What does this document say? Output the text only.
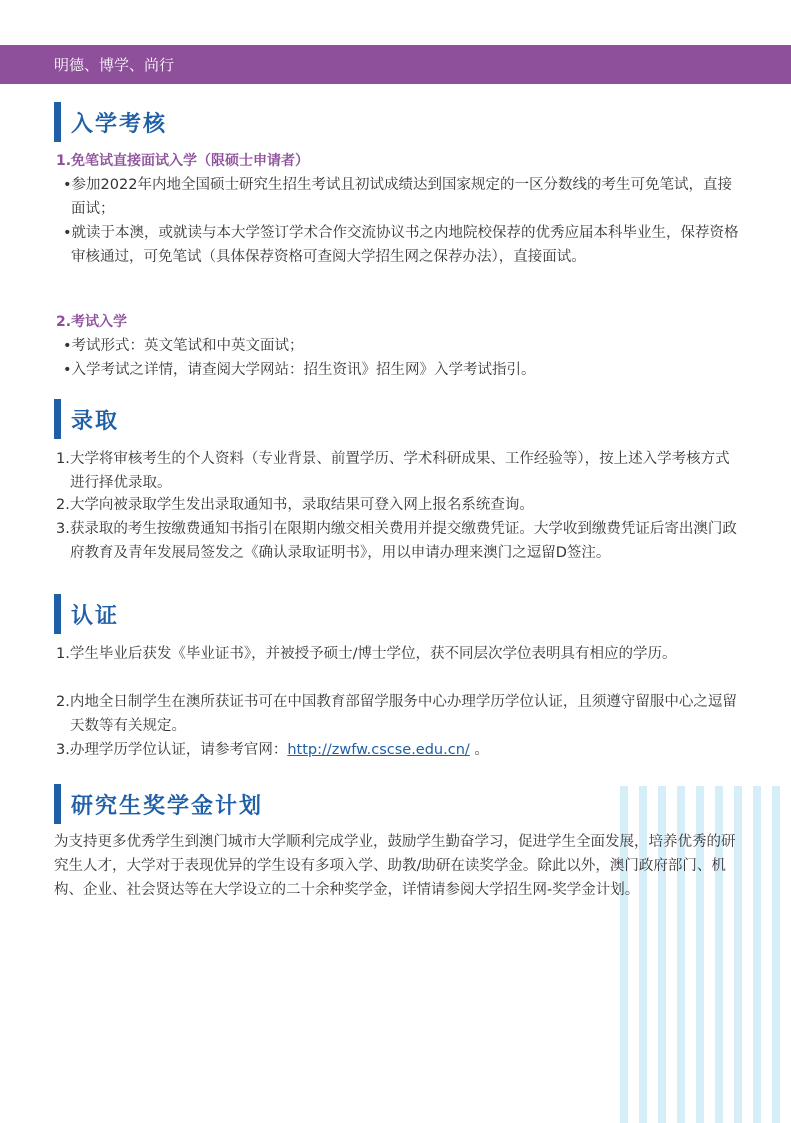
明德、博学、尚行
入学考核
1.免笔试直接面试入学（限硕士申请者）
•参加2022年内地全国硕士研究生招生考试且初试成绩达到国家规定的一区分数线的考生可免笔试，直接面试；
•就读于本澳，或就读与本大学签订学术合作交流协议书之内地院校保荐的优秀应届本科毕业生，保荐资格审核通过，可免笔试（具体保荐资格可查阅大学招生网之保荐办法），直接面试。
2.考试入学
•考试形式：英文笔试和中英文面试；
•入学考试之详情，请查阅大学网站：招生资讯》招生网》入学考试指引。
录取
1.大学将审核考生的个人资料（专业背景、前置学历、学术科研成果、工作经验等），按上述入学考核方式进行择优录取。
2.大学向被录取学生发出录取通知书，录取结果可登入网上报名系统查询。
3.获录取的考生按缴费通知书指引在限期内缴交相关费用并提交缴费凭证。大学收到缴费凭证后寄出澳门政府教育及青年发展局签发之《确认录取证明书》，用以申请办理来澳门之逗留D签注。
认证
1.学生毕业后获发《毕业证书》，并被授予硕士/博士学位，获不同层次学位表明具有相应的学历。
2.内地全日制学生在澳所获证书可在中国教育部留学服务中心办理学历学位认证，且须遵守留服中心之逗留天数等有关规定。
3.办理学历学位认证，请参考官网：http://zwfw.cscse.edu.cn/ 。
研究生奖学金计划
为支持更多优秀学生到澳门城市大学顺利完成学业，鼓励学生勤奋学习，促进学生全面发展，培养优秀的研究生人才，大学对于表现优异的学生设有多项入学、助教/助研在读奖学金。除此以外，澳门政府部门、机构、企业、社会贤达等在大学设立的二十余种奖学金，详情请参阅大学招生网-奖学金计划。
